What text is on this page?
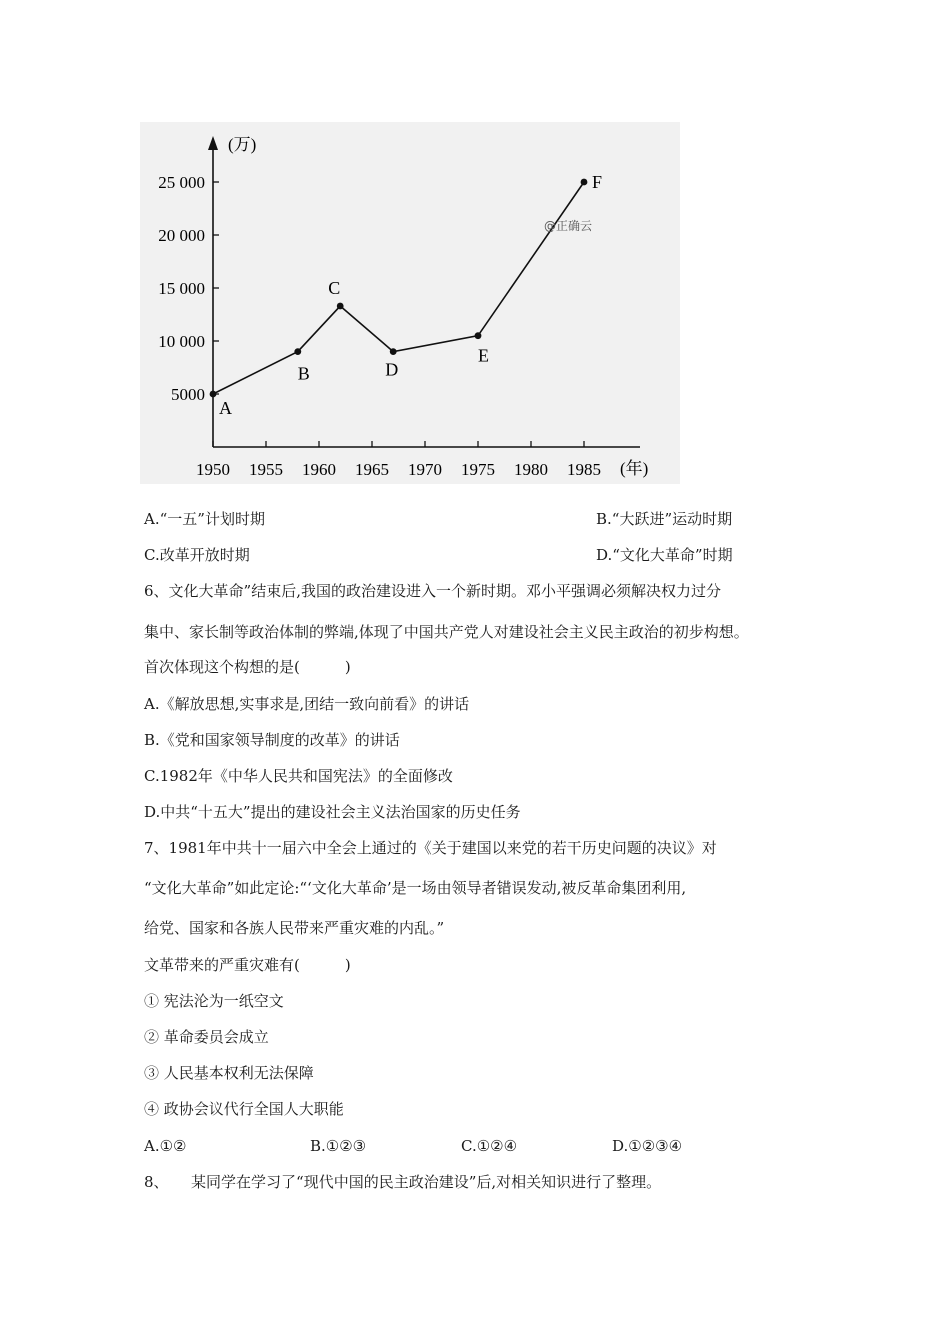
A
B
C
D
E
F
1950 1955 1960 1965 1970 1975 1980 1985
5000
10 000
15 000
20 000
25 000
(万)
(年)
@正确云
A.“一五”计划时期	B.“大跃进”运动时期
C.改革开放时期	D.“文化大革命”时期
6、文化大革命”结束后,我国的政治建设进入一个新时期。邓小平强调必须解决权力过分
集中、家长制等政治体制的弊端,体现了中国共产党人对建设社会主义民主政治的初步构想。
首次体现这个构想的是(　　　)
A.《解放思想,实事求是,团结一致向前看》的讲话
B.《党和国家领导制度的改革》的讲话
C.1982年《中华人民共和国宪法》的全面修改
D.中共“十五大”提出的建设社会主义法治国家的历史任务
7、1981年中共十一届六中全会上通过的《关于建国以来党的若干历史问题的决议》对
“文化大革命”如此定论:“‘文化大革命’是一场由领导者错误发动,被反革命集团利用,
给党、国家和各族人民带来严重灾难的内乱。”
文革带来的严重灾难有(　　　)
① 宪法沦为一纸空文
② 革命委员会成立
③ 人民基本权利无法保障
④ 政协会议代行全国人大职能
A.①②	B.①②③	C.①②④	D.①②③④
8、　　某同学在学习了“现代中国的民主政治建设”后,对相关知识进行了整理。
